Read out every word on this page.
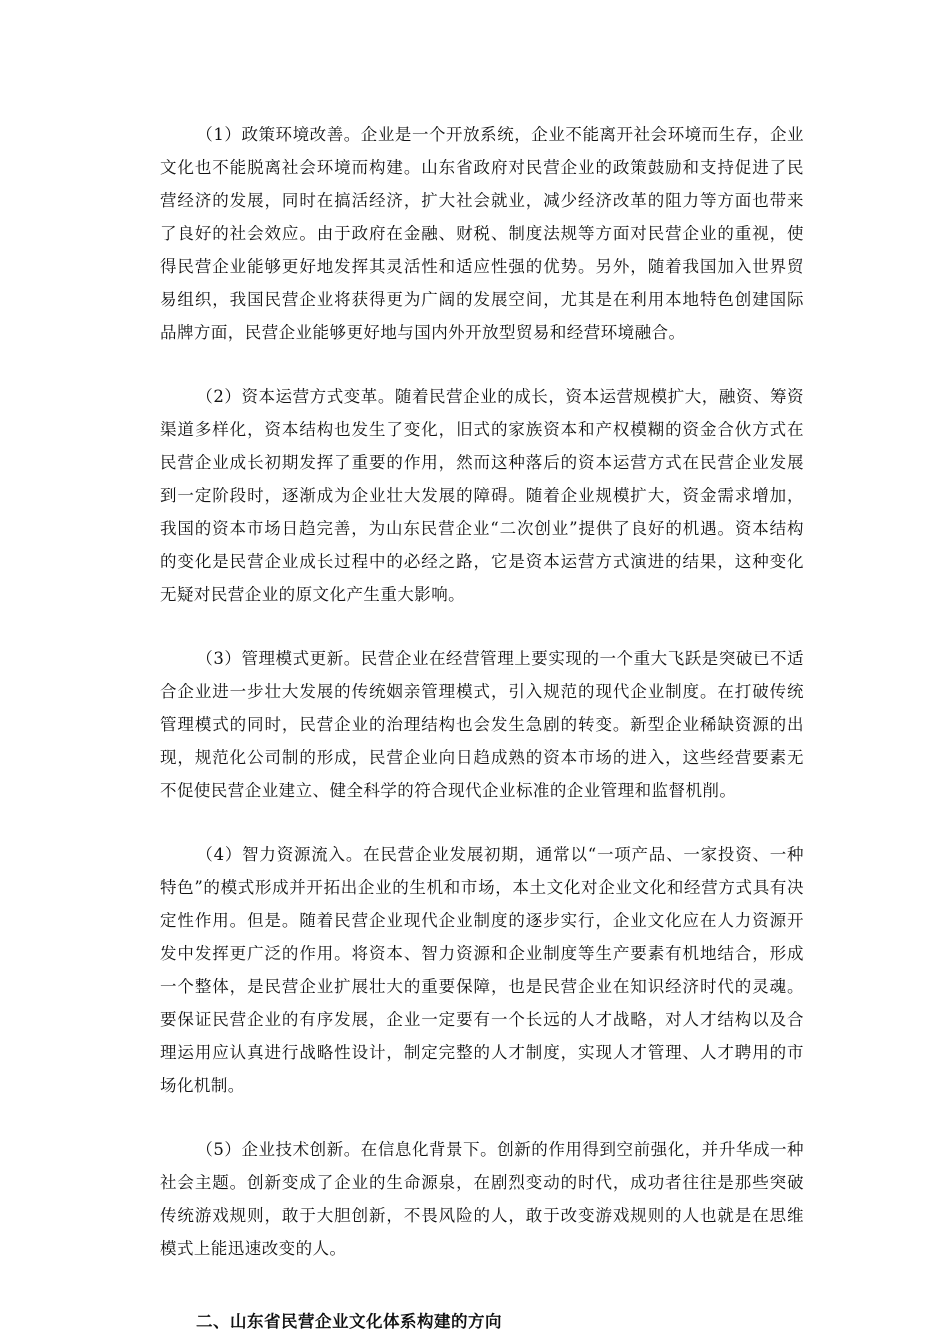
（1）政策环境改善。企业是一个开放系统，企业不能离开社会环境而生存，企业文化也不能脱离社会环境而构建。山东省政府对民营企业的政策鼓励和支持促进了民营经济的发展，同时在搞活经济，扩大社会就业，减少经济改革的阻力等方面也带来了良好的社会效应。由于政府在金融、财税、制度法规等方面对民营企业的重视，使得民营企业能够更好地发挥其灵活性和适应性强的优势。另外，随着我国加入世界贸易组织，我国民营企业将获得更为广阔的发展空间，尤其是在利用本地特色创建国际品牌方面，民营企业能够更好地与国内外开放型贸易和经营环境融合。

（2）资本运营方式变革。随着民营企业的成长，资本运营规模扩大，融资、筹资渠道多样化，资本结构也发生了变化，旧式的家族资本和产权模糊的资金合伙方式在民营企业成长初期发挥了重要的作用，然而这种落后的资本运营方式在民营企业发展到一定阶段时，逐渐成为企业壮大发展的障碍。随着企业规模扩大，资金需求增加，我国的资本市场日趋完善，为山东民营企业“二次创业”提供了良好的机遇。资本结构的变化是民营企业成长过程中的必经之路，它是资本运营方式演进的结果，这种变化无疑对民营企业的原文化产生重大影响。

（3）管理模式更新。民营企业在经营管理上要实现的一个重大飞跃是突破已不适合企业进一步壮大发展的传统姻亲管理模式，引入规范的现代企业制度。在打破传统管理模式的同时，民营企业的治理结构也会发生急剧的转变。新型企业稀缺资源的出现，规范化公司制的形成，民营企业向日趋成熟的资本市场的进入，这些经营要素无不促使民营企业建立、健全科学的符合现代企业标准的企业管理和监督机削。

（4）智力资源流入。在民营企业发展初期，通常以“一项产品、一家投资、一种特色”的模式形成并开拓出企业的生机和市场，本土文化对企业文化和经营方式具有决定性作用。但是。随着民营企业现代企业制度的逐步实行，企业文化应在人力资源开发中发挥更广泛的作用。将资本、智力资源和企业制度等生产要素有机地结合，形成一个整体，是民营企业扩展壮大的重要保障，也是民营企业在知识经济时代的灵魂。要保证民营企业的有序发展，企业一定要有一个长远的人才战略，对人才结构以及合理运用应认真进行战略性设计，制定完整的人才制度，实现人才管理、人才聘用的市场化机制。

（5）企业技术创新。在信息化背景下。创新的作用得到空前强化，并升华成一种社会主题。创新变成了企业的生命源泉，在剧烈变动的时代，成功者往往是那些突破传统游戏规则，敢于大胆创新，不畏风险的人，敢于改变游戏规则的人也就是在思维模式上能迅速改变的人。

二、山东省民营企业文化体系构建的方向
